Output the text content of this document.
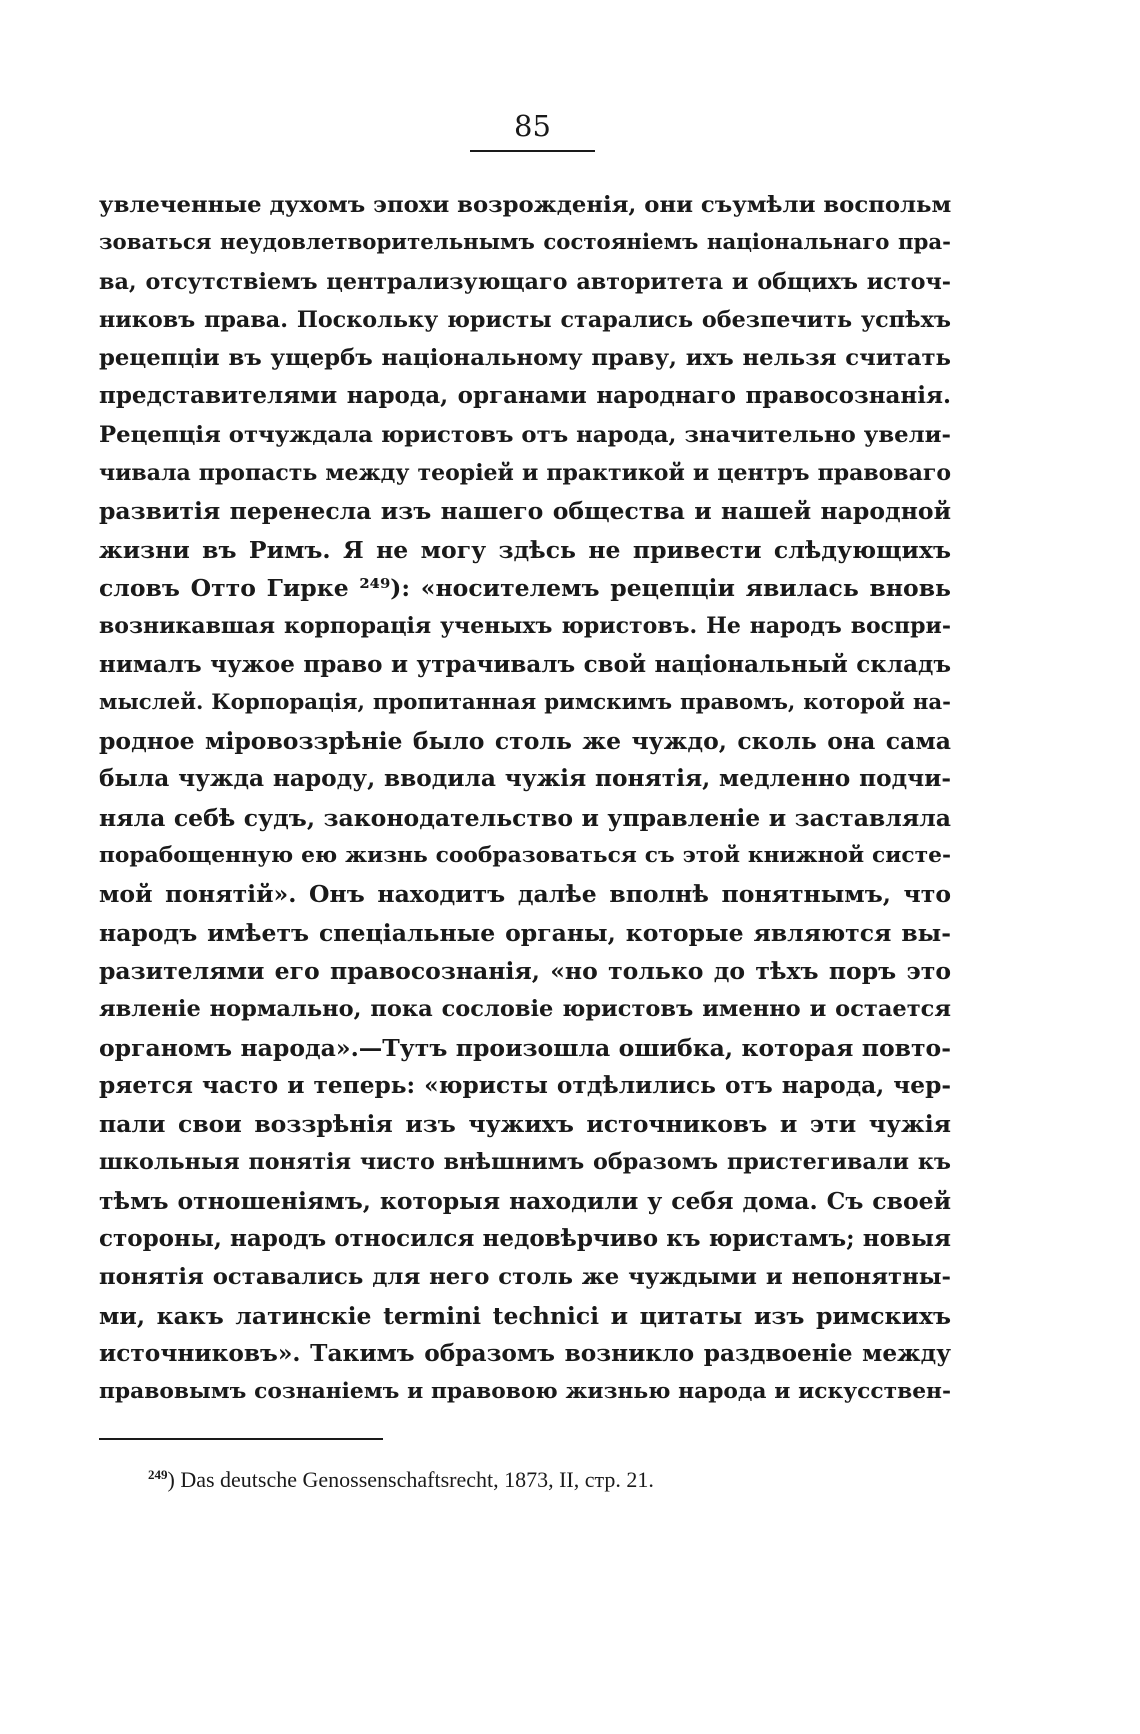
85
увлеченные духомъ эпохи возрожденія, они съумѣли воспольм
зоваться неудовлетворительнымъ состояніемъ національнаго пра-
ва, отсутствіемъ централизующаго авторитета и общихъ источ-
никовъ права. Поскольку юристы старались обезпечить успѣхъ
рецепціи въ ущербъ національному праву, ихъ нельзя считать
представителями народа, органами народнаго правосознанія.
Рецепція отчуждала юристовъ отъ народа, значительно увели-
чивала пропасть между теоріей и практикой и центръ правоваго
развитія перенесла изъ нашего общества и нашей народной
жизни въ Римъ. Я не могу здѣсь не привести слѣдующихъ
словъ Отто Гирке ²⁴⁹): «носителемъ рецепціи явилась вновь
возникавшая корпорація ученыхъ юристовъ. Не народъ воспри-
нималъ чужое право и утрачивалъ свой національный складъ
мыслей. Корпорація, пропитанная римскимъ правомъ, которой на-
родное міровоззрѣніе было столь же чуждо, сколь она сама
была чужда народу, вводила чужія понятія, медленно подчи-
няла себѣ судъ, законодательство и управленіе и заставляла
порабощенную ею жизнь сообразоваться съ этой книжной систе-
мой понятій». Онъ находитъ далѣе вполнѣ понятнымъ, что
народъ имѣетъ спеціальные органы, которые являются вы-
разителями его правосознанія, «но только до тѣхъ поръ это
явленіе нормально, пока сословіе юристовъ именно и остается
органомъ народа».—Тутъ произошла ошибка, которая повто-
ряется часто и теперь: «юристы отдѣлились отъ народа, чер-
пали свои воззрѣнія изъ чужихъ источниковъ и эти чужія
школьныя понятія чисто внѣшнимъ образомъ пристегивали къ
тѣмъ отношеніямъ, которыя находили у себя дома. Съ своей
стороны, народъ относился недовѣрчиво къ юристамъ; новыя
понятія оставались для него столь же чуждыми и непонятны-
ми, какъ латинскіе termini technici и цитаты изъ римскихъ
источниковъ». Такимъ образомъ возникло раздвоеніе между
правовымъ сознаніемъ и правовою жизнью народа и искусствен-
$^{249}$) Das deutsche Genossenschaftsrecht, 1873, II, стр. 21.
